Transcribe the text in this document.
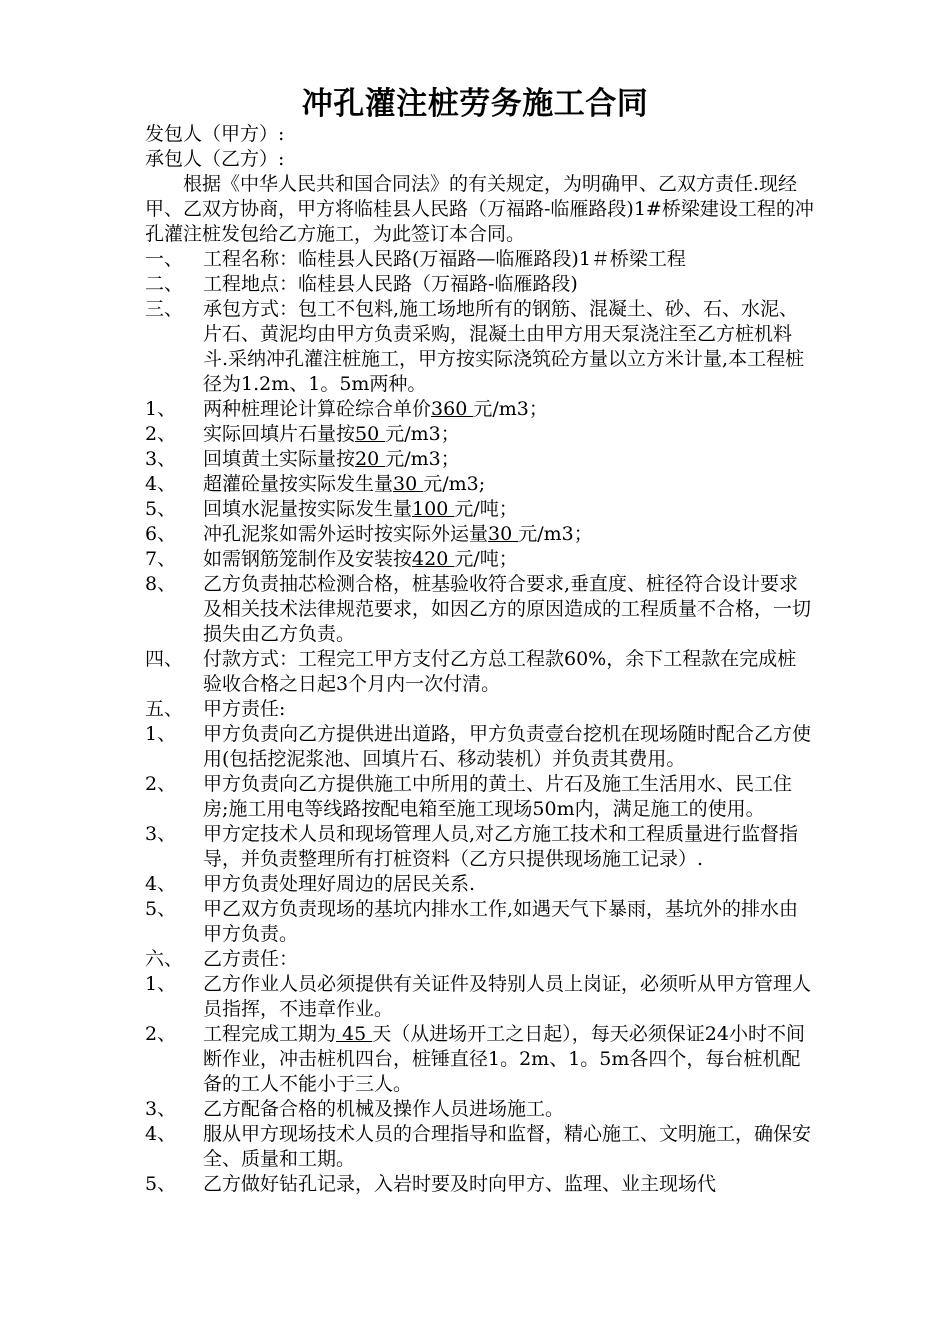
冲孔灌注桩劳务施工合同

发包人（甲方）:

承包人（乙方）:

根据《中华人民共和国合同法》的有关规定，为明确甲、乙双方责任.现经甲、乙双方协商，甲方将临桂县人民路（万福路-临雁路段)1#桥梁建设工程的冲孔灌注桩发包给乙方施工，为此签订本合同。

一、	工程名称：临桂县人民路(万福路—临雁路段)1＃桥梁工程
二、	工程地点：临桂县人民路（万福路-临雁路段)
三、	承包方式：包工不包料,施工场地所有的钢筋、混凝土、砂、石、水泥、片石、黄泥均由甲方负责采购，混凝土由甲方用天泵浇注至乙方桩机料斗.采纳冲孔灌注桩施工，甲方按实际浇筑砼方量以立方米计量,本工程桩径为1.2m、1。5m两种。
1、	两种桩理论计算砼综合单价360 元/m3；
2、	实际回填片石量按50 元/m3；
3、	回填黄土实际量按20 元/m3；
4、	超灌砼量按实际发生量30 元/m3;
5、	回填水泥量按实际发生量100 元/吨；
6、	冲孔泥浆如需外运时按实际外运量30 元/m3；
7、	如需钢筋笼制作及安装按420 元/吨；
8、	乙方负责抽芯检测合格，桩基验收符合要求,垂直度、桩径符合设计要求及相关技术法律规范要求，如因乙方的原因造成的工程质量不合格，一切损失由乙方负责。
四、	付款方式：工程完工甲方支付乙方总工程款60%，余下工程款在完成桩验收合格之日起3个月内一次付清。
五、	甲方责任:
1、	甲方负责向乙方提供进出道路，甲方负责壹台挖机在现场随时配合乙方使用(包括挖泥浆池、回填片石、移动装机）并负责其费用。
2、	甲方负责向乙方提供施工中所用的黄土、片石及施工生活用水、民工住房;施工用电等线路按配电箱至施工现场50m内，满足施工的使用。
3、	甲方定技术人员和现场管理人员,对乙方施工技术和工程质量进行监督指导，并负责整理所有打桩资料（乙方只提供现场施工记录）.
4、	甲方负责处理好周边的居民关系.
5、	甲乙双方负责现场的基坑内排水工作,如遇天气下暴雨，基坑外的排水由甲方负责。
六、	乙方责任：
1、	乙方作业人员必须提供有关证件及特别人员上岗证，必须听从甲方管理人员指挥，不违章作业。
2、	工程完成工期为 45 天（从进场开工之日起），每天必须保证24小时不间断作业，冲击桩机四台，桩锤直径1。2m、1。5m各四个，每台桩机配备的工人不能小于三人。
3、	乙方配备合格的机械及操作人员进场施工。
4、	服从甲方现场技术人员的合理指导和监督，精心施工、文明施工，确保安全、质量和工期。
5、	乙方做好钻孔记录，入岩时要及时向甲方、监理、业主现场代
